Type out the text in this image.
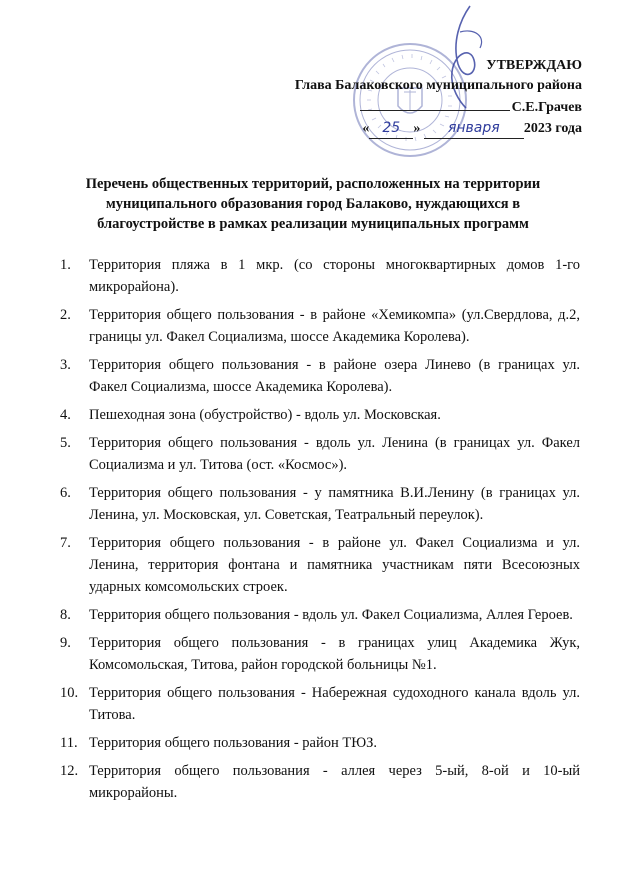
УТВЕРЖДАЮ
Глава Балаковского муниципального района
С.Е.Грачев
« 25 » января 2023 года
Перечень общественных территорий, расположенных на территории
муниципального образования город Балаково, нуждающихся в
благоустройстве в рамках реализации муниципальных программ
1. Территория пляжа в 1 мкр. (со стороны многоквартирных домов 1-го микрорайона).
2. Территория общего пользования - в районе «Хемикомпа» (ул.Свердлова, д.2, границы ул. Факел Социализма, шоссе Академика Королева).
3. Территория общего пользования - в районе озера Линево (в границах ул. Факел Социализма, шоссе Академика Королева).
4. Пешеходная зона (обустройство) - вдоль ул. Московская.
5. Территория общего пользования - вдоль ул. Ленина (в границах ул. Факел Социализма и ул. Титова (ост. «Космос»).
6. Территория общего пользования - у памятника В.И.Ленину (в границах ул. Ленина, ул. Московская, ул. Советская, Театральный переулок).
7. Территория общего пользования - в районе ул. Факел Социализма и ул. Ленина, территория фонтана и памятника участникам пяти Всесоюзных ударных комсомольских строек.
8. Территория общего пользования - вдоль ул. Факел Социализма, Аллея Героев.
9. Территория общего пользования - в границах улиц Академика Жук, Комсомольская, Титова, район городской больницы №1.
10. Территория общего пользования - Набережная судоходного канала вдоль ул. Титова.
11. Территория общего пользования - район ТЮЗ.
12. Территория общего пользования - аллея через 5-ый, 8-ой и 10-ый микрорайоны.
